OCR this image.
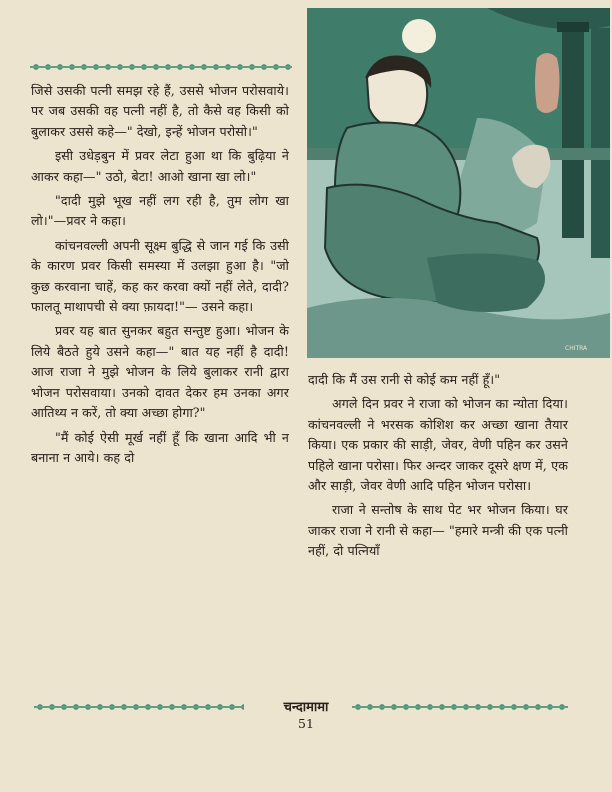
CHITRA

जिसे उसकी पत्नी समझ रहे हैं, उससे भोजन परोसवाये। पर जब उसकी वह पत्नी नहीं है, तो कैसे वह किसी को बुलाकर उससे कहे—" देखो, इन्हें भोजन परोसो।"

इसी उधेड़बुन में प्रवर लेटा हुआ था कि बुढ़िया ने आकर कहा—" उठो, बेटा! आओ खाना खा लो।"

"दादी मुझे भूख नहीं लग रही है, तुम लोग खा लो।"—प्रवर ने कहा।

कांचनवल्ली अपनी सूक्ष्म बुद्धि से जान गई कि उसी के कारण प्रवर किसी समस्या में उलझा हुआ है। "जो कुछ करवाना चाहें, कह कर करवा क्यों नहीं लेते, दादी? फालतू माथापची से क्या फ़ायदा!"— उसने कहा।

प्रवर यह बात सुनकर बहुत सन्तुष्ट हुआ। भोजन के लिये बैठते हुये उसने कहा—" बात यह नहीं है दादी! आज राजा ने मुझे भोजन के लिये बुलाकर रानी द्वारा भोजन परोसवाया। उनको दावत देकर हम उनका अगर आतिथ्य न करें, तो क्या अच्छा होगा?"

"मैं कोई ऐसी मूर्ख नहीं हूँ कि खाना आदि भी न बनाना न आये। कह दो

दादी कि मैं उस रानी से कोई कम नहीं हूँ।"

अगले दिन प्रवर ने राजा को भोजन का न्योता दिया। कांचनवल्ली ने भरसक कोशिश कर अच्छा खाना तैयार किया। एक प्रकार की साड़ी, जेवर, वेणी पहिन कर उसने पहिले खाना परोसा। फिर अन्दर जाकर दूसरे क्षण में, एक और साड़ी, जेवर वेणी आदि पहिन भोजन परोसा।

राजा ने सन्तोष के साथ पेट भर भोजन किया। घर जाकर राजा ने रानी से कहा— "हमारे मन्त्री की एक पत्नी नहीं, दो पत्नियाँ

चन्दामामा
51
